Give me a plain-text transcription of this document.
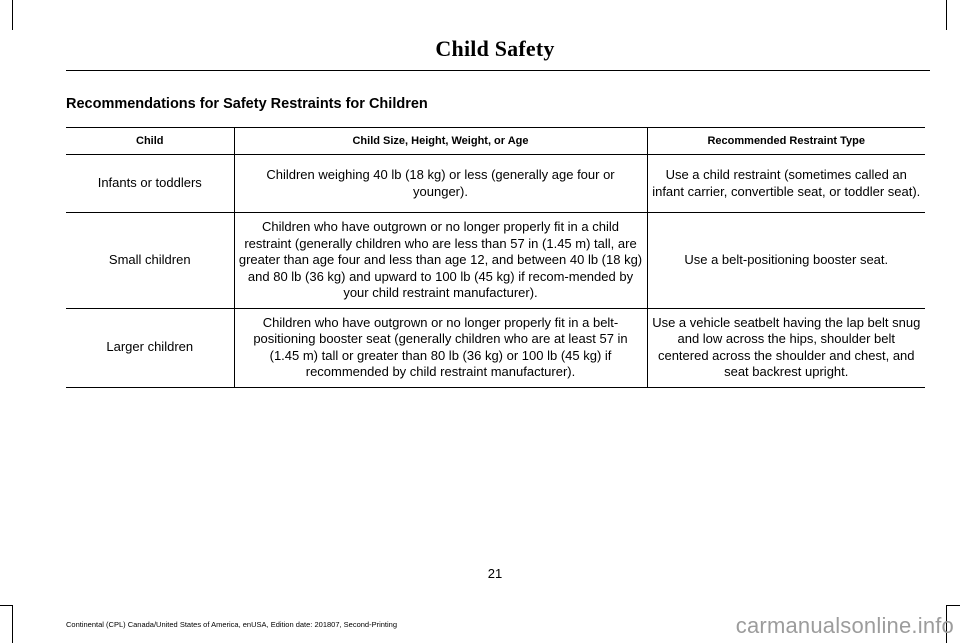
Child Safety
Recommendations for Safety Restraints for Children
Child	Child Size, Height, Weight, or Age	Recommended Restraint Type
Infants or toddlers	Children weighing 40 lb (18 kg) or less (generally age four or younger).	Use a child restraint (sometimes called an infant carrier, convertible seat, or toddler seat).
Small children	Children who have outgrown or no longer properly fit in a child restraint (generally children who are less than 57 in (1.45 m) tall, are greater than age four and less than age 12, and between 40 lb (18 kg) and 80 lb (36 kg) and upward to 100 lb (45 kg) if recom-mended by your child restraint manufacturer).	Use a belt-positioning booster seat.
Larger children	Children who have outgrown or no longer properly fit in a belt-positioning booster seat (generally children who are at least 57 in (1.45 m) tall or greater than 80 lb (36 kg) or 100 lb (45 kg) if recommended by child restraint manufacturer).	Use a vehicle seatbelt having the lap belt snug and low across the hips, shoulder belt centered across the shoulder and chest, and seat backrest upright.
21
Continental (CPL) Canada/United States of America, enUSA, Edition date: 201807, Second-Printing	carmanualsonline.info
